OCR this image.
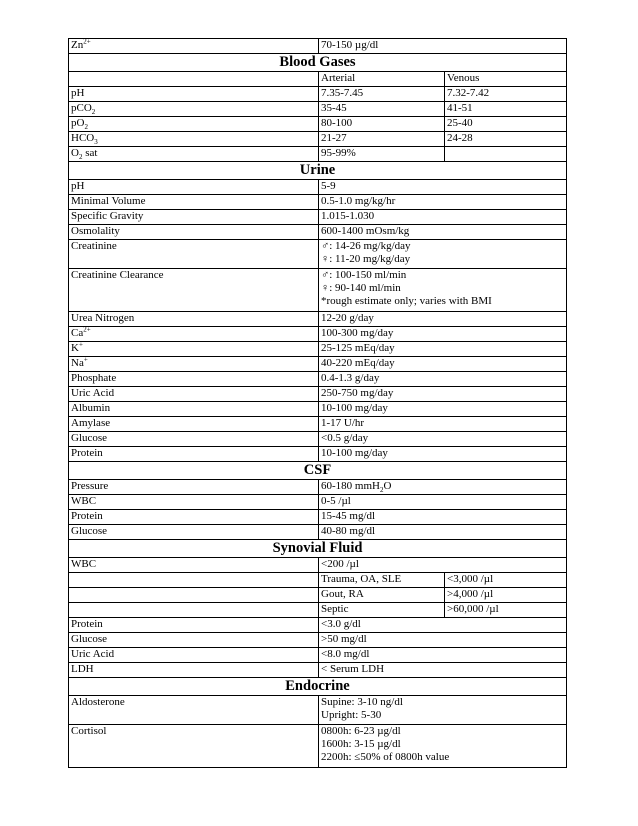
$Zn^{2+}$	70-150 µg/dl	
Blood Gases		
	Arterial	Venous
pH	7.35-7.45	7.32-7.42
pCO$_2$	35-45	41-51
$pO_2$	80-100	25-40
$HCO_3$	21-27	24-28
$O_2$ sat	95-99%	
Urine		
pH	5-9	
Minimal Volume	0.5-1.0 mg/kg/hr	
Specific Gravity	1.015-1.030	
Osmolality	600-1400 mOsm/kg	
Creatinine	♂: 14-26 mg/kg/day
♀: 11-20 mg/kg/day	

Creatinine Clearance	♂: 100-150 ml/min
♀: 90-140 ml/min
*rough estimate only; varies with BMI	

Urea Nitrogen	12-20 g/day	
$Ca^{2+}$	100-300 mg/day	
K+	25-125 mEq/day	
Na+	40-220 mEq/day	
Phosphate	0.4-1.3 g/day	
Uric Acid	250-750 mg/day	
Albumin	10-100 mg/day	
Amylase	1-17 U/hr	
Glucose	<0.5 g/day	
Protein	10-100 mg/day	
CSF		
Pressure	60-180 mmH$_2$O	
WBC	0-5 /µl	
Protein	15-45 mg/dl	
Glucose	40-80 mg/dl	
Synovial Fluid		
WBC	<200 /µl	
	Trauma, OA, SLE	<3,000 /µl
	Gout, RA	>4,000 /µl
	Septic	>60,000 /µl
Protein	<3.0 g/dl	
Glucose	>50 mg/dl	
Uric Acid	<8.0 mg/dl	
LDH	< Serum LDH	
Endocrine		
Aldosterone	Supine: 3-10 ng/dl
Upright: 5-30	

Cortisol	0800h: 6-23 µg/dl
1600h: 3-15 µg/dl
2200h: ≤50% of 0800h value	
